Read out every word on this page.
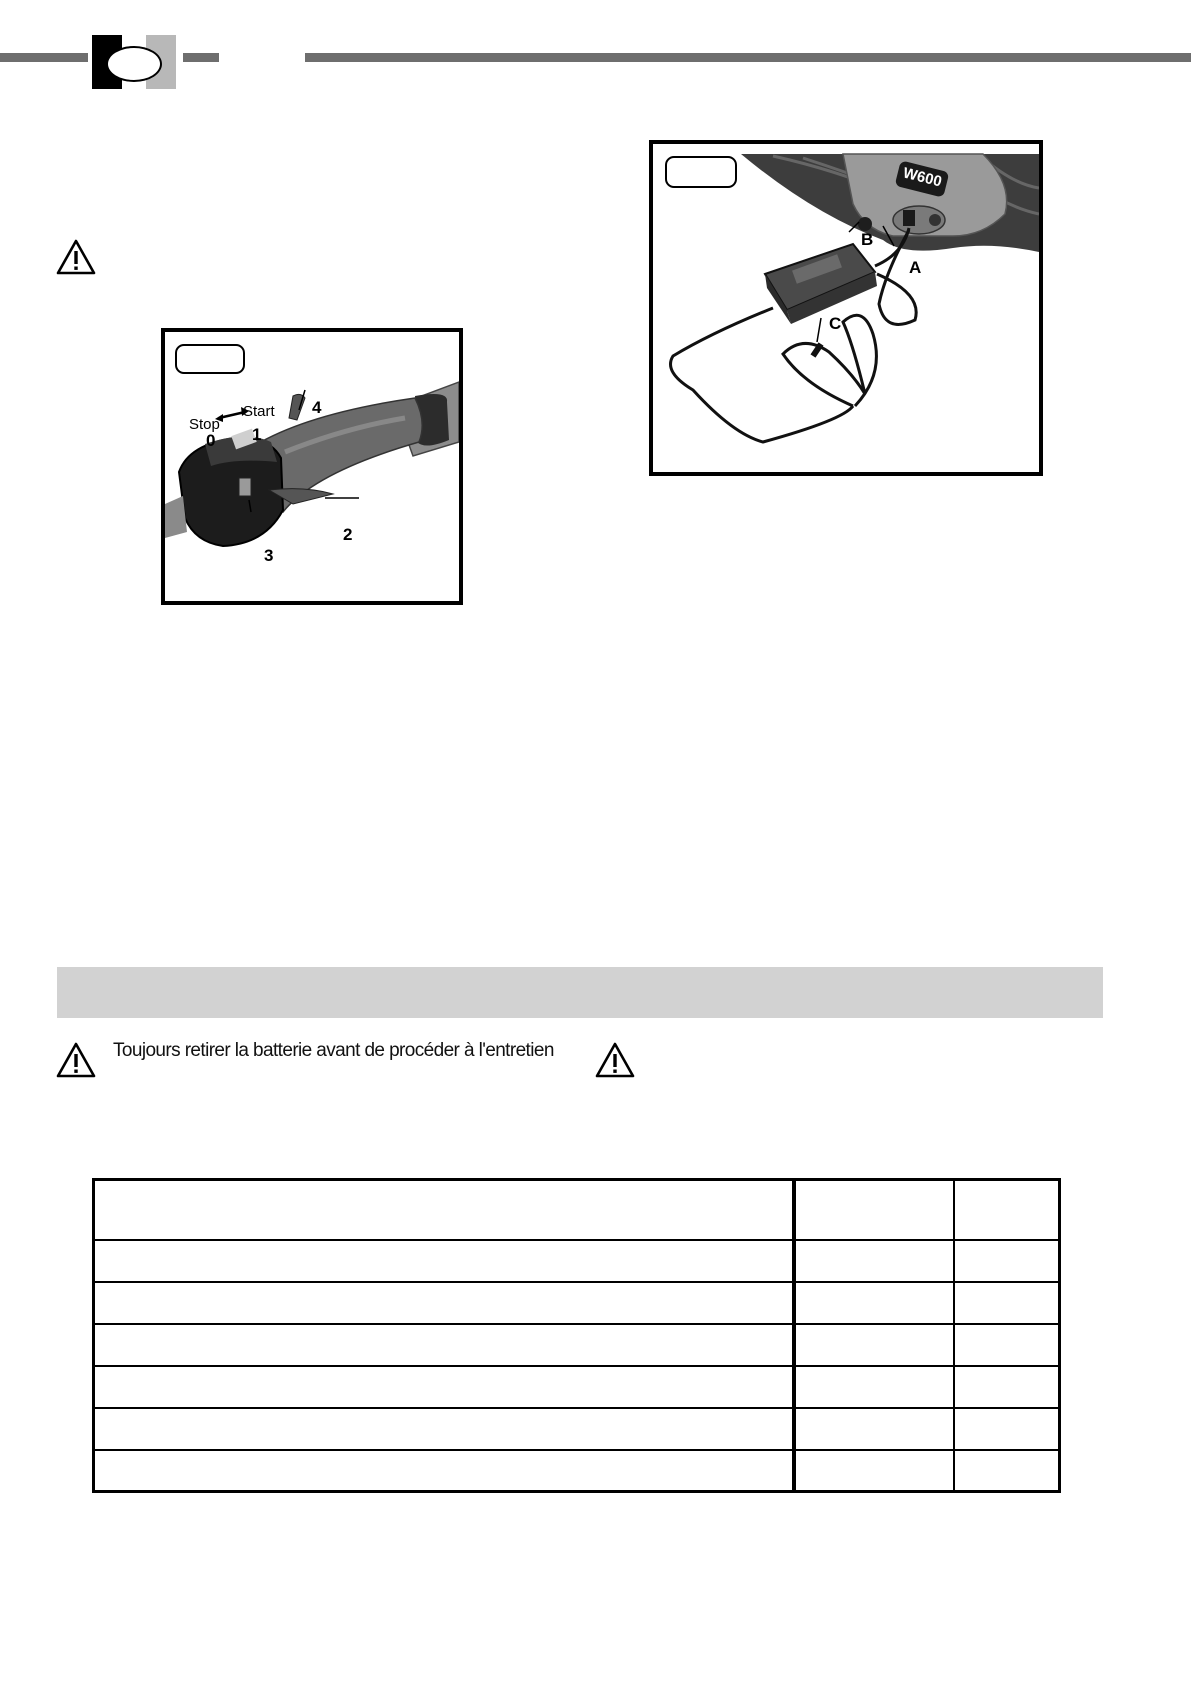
W600
B
A
C
Stop
Start
0 1
4
2
3
Toujours retirer la batterie avant de procéder à l'entretien
